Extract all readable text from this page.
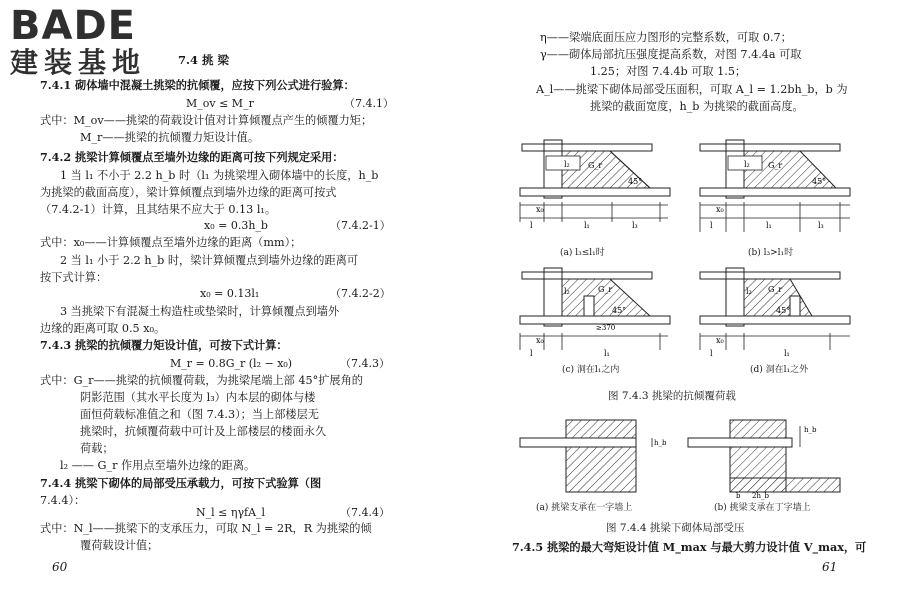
BADE
建装基地	7.4 挑 梁
7.4.1 砌体墙中混凝土挑梁的抗倾覆，应按下列公式进行验算：
M_ov ≤ M_r	（7.4.1）
式中：M_ov——挑梁的荷载设计值对计算倾覆点产生的倾覆力矩；
M_r——挑梁的抗倾覆力矩设计值。
7.4.2 挑梁计算倾覆点至墙外边缘的距离可按下列规定采用：
1 当 l₁ 不小于 2.2 h_b 时（l₁ 为挑梁埋入砌体墙中的长度，h_b
为挑梁的截面高度），梁计算倾覆点到墙外边缘的距离可按式
（7.4.2-1）计算，且其结果不应大于 0.13 l₁。
x₀ = 0.3h_b	（7.4.2-1）
式中：x₀——计算倾覆点至墙外边缘的距离（mm）；
2 当 l₁ 小于 2.2 h_b 时，梁计算倾覆点到墙外边缘的距离可
按下式计算：
x₀ = 0.13l₁	（7.4.2-2）
3 当挑梁下有混凝土构造柱或垫梁时，计算倾覆点到墙外
边缘的距离可取 0.5 x₀。
7.4.3 挑梁的抗倾覆力矩设计值，可按下式计算：
M_r = 0.8G_r (l₂ − x₀)	（7.4.3）
式中：G_r——挑梁的抗倾覆荷载，为挑梁尾端上部 45°扩展角的
阴影范围（其水平长度为 l₃）内本层的砌体与楼
面恒荷载标准值之和（图 7.4.3）；当上部楼层无
挑梁时，抗倾覆荷载中可计及上部楼层的楼面永久
荷载；
l₂ —— G_r 作用点至墙外边缘的距离。
7.4.4 挑梁下砌体的局部受压承载力，可按下式验算（图
7.4.4）：
N_l ≤ ηγfA_l	（7.4.4）
式中：N_l——挑梁下的支承压力，可取 N_l = 2R，R 为挑梁的倾
覆荷载设计值；
60
η——梁端底面压应力图形的完整系数，可取 0.7；
γ——砌体局部抗压强度提高系数，对图 7.4.4a 可取
1.25；对图 7.4.4b 可取 1.5；
A_l——挑梁下砌体局部受压面积，可取 A_l = 1.2bh_b，b 为
挑梁的截面宽度，h_b 为挑梁的截面高度。
l₂ G_r
45°
x₀
l	l₁	l₃
l₂ G_r
45°
x₀
l	l₁	l₃
l₂	G_r
45°
≥370
x₀
l	l₁
l₂ G_r
45°
x₀
l	l₁
h_b
h_b
b 2h_b
(a) l₃≤l₁时	(b) l₃>l₁时
(c) 洞在l₁之内	(d) 洞在l₁之外
图 7.4.3 挑梁的抗倾覆荷载
(a) 挑梁支承在一字墙上	(b) 挑梁支承在丁字墙上
图 7.4.4 挑梁下砌体局部受压
7.4.5 挑梁的最大弯矩设计值 M_max 与最大剪力设计值 V_max，可
61
